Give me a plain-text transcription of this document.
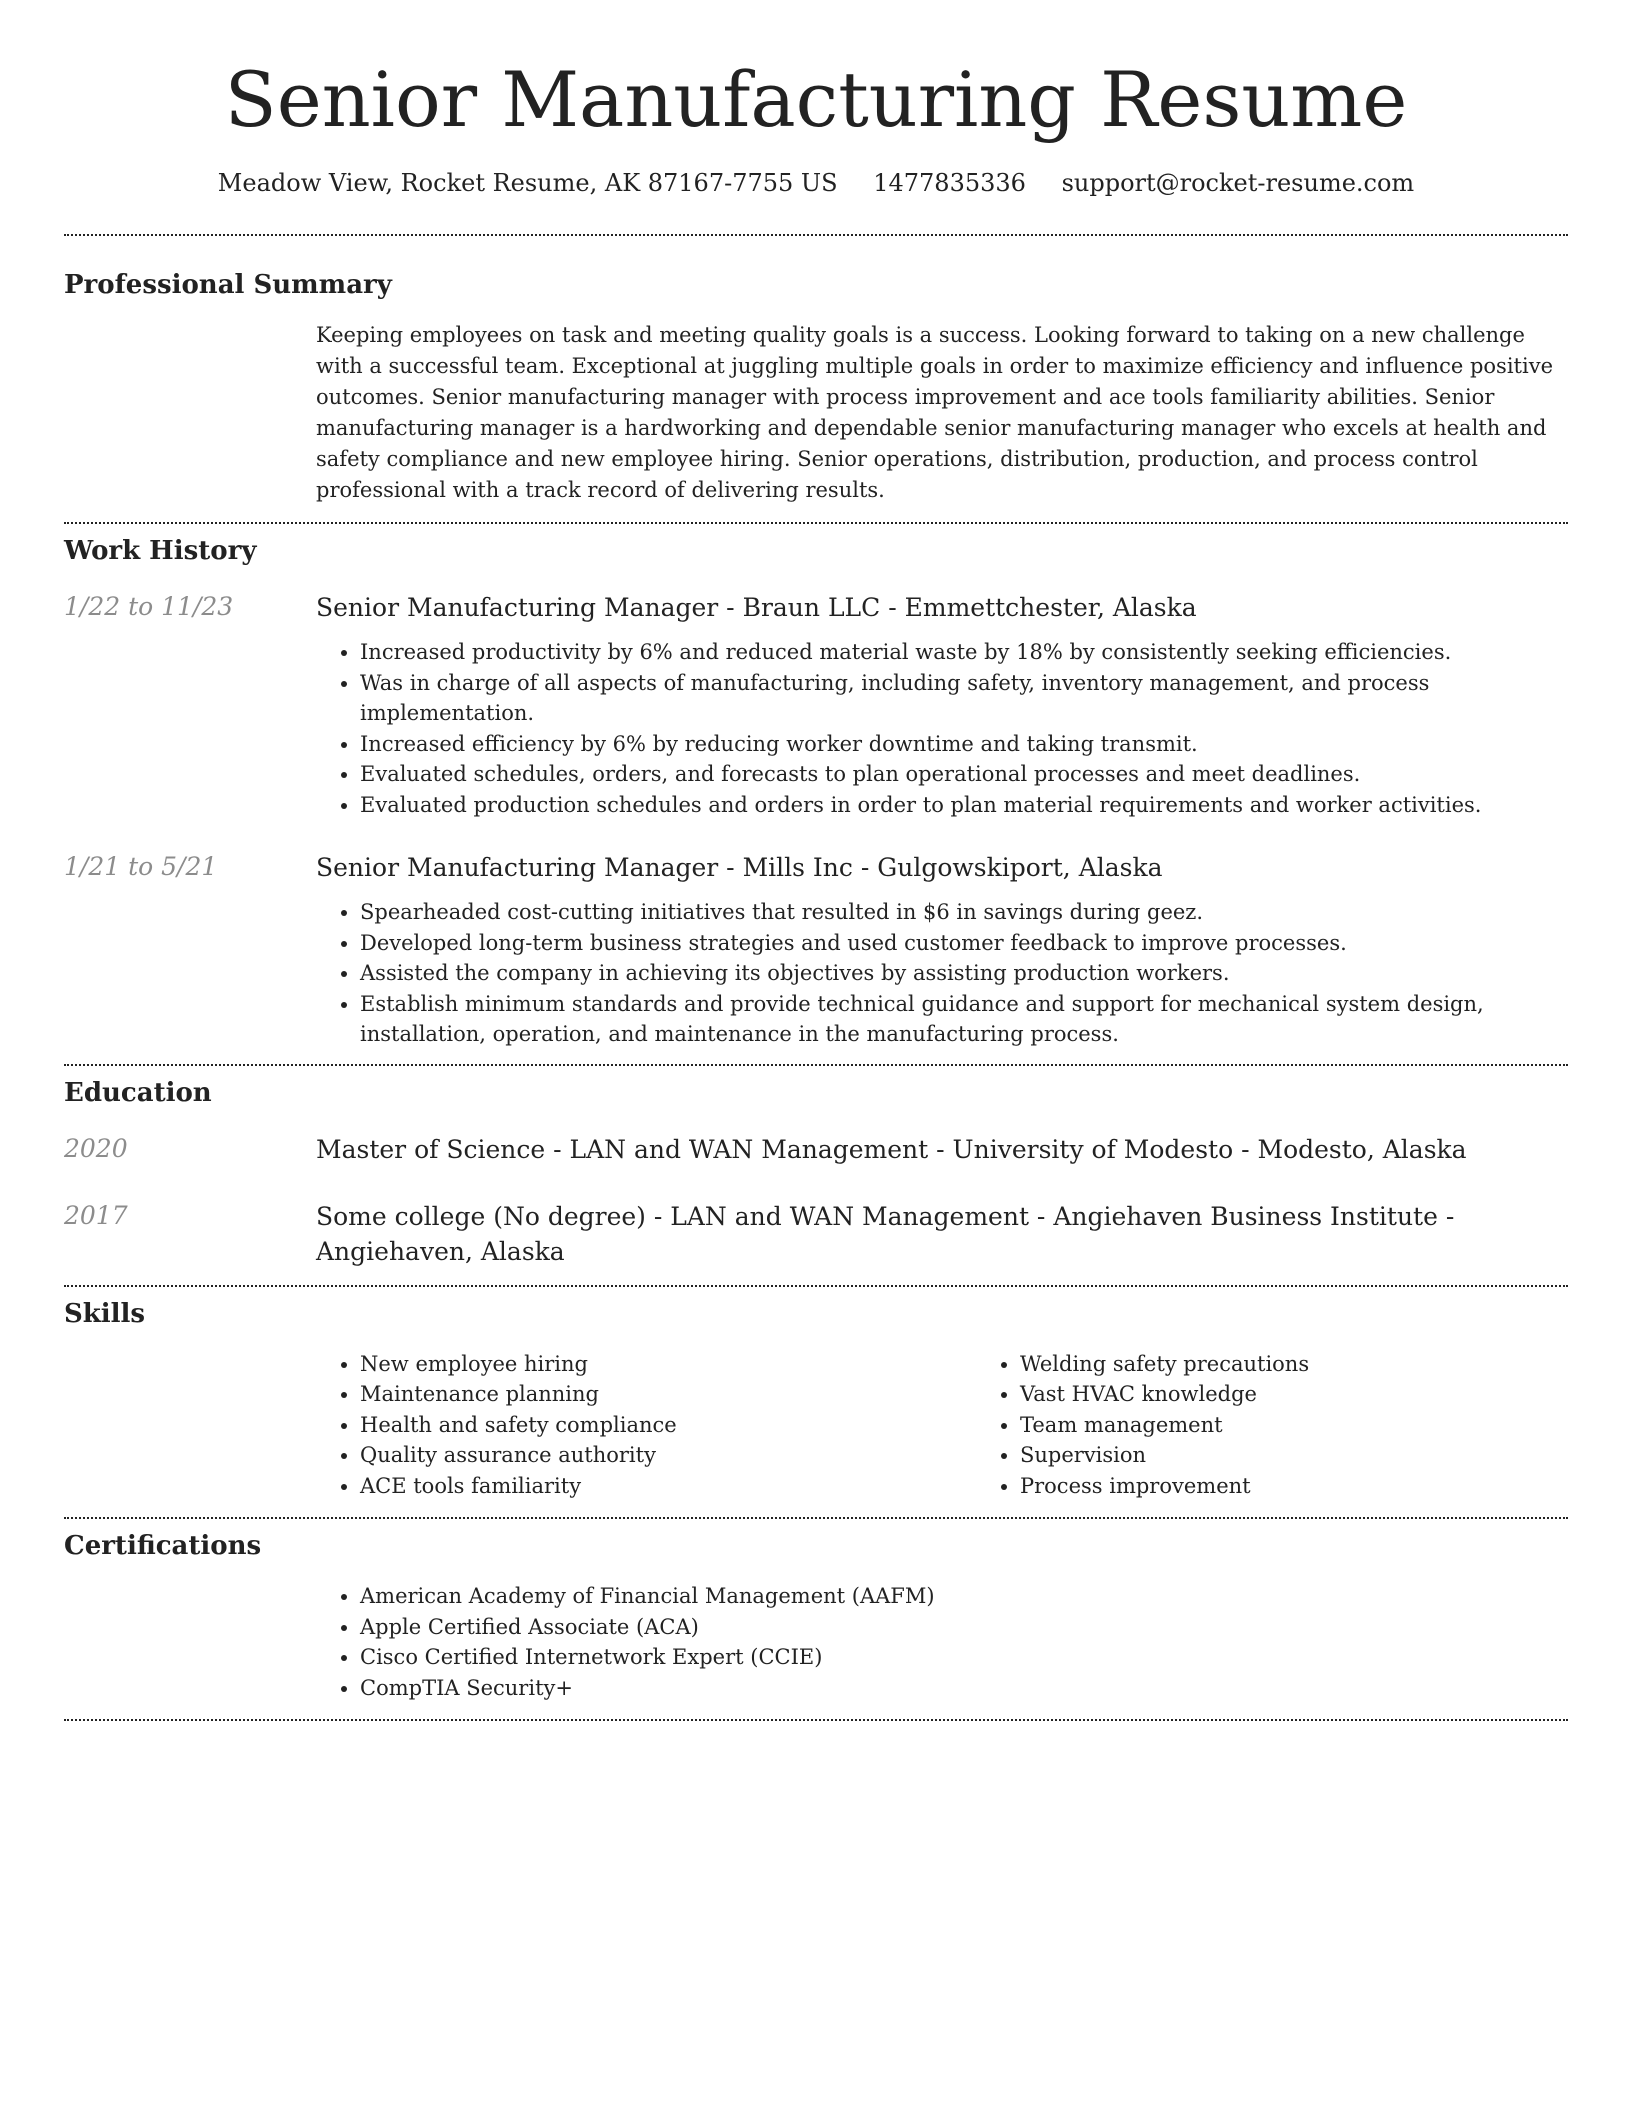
Senior Manufacturing Resume
Meadow View, Rocket Resume, AK 87167-7755 US 1477835336 support@rocket-resume.com
Professional Summary
Keeping employees on task and meeting quality goals is a success. Looking forward to taking on a new challenge with a successful team. Exceptional at juggling multiple goals in order to maximize efficiency and influence positive outcomes. Senior manufacturing manager with process improvement and ace tools familiarity abilities. Senior manufacturing manager is a hardworking and dependable senior manufacturing manager who excels at health and safety compliance and new employee hiring. Senior operations, distribution, production, and process control professional with a track record of delivering results.
Work History
1/22 to 11/23	Senior Manufacturing Manager - Braun LLC - Emmettchester, Alaska
• Increased productivity by 6% and reduced material waste by 18% by consistently seeking efficiencies.
• Was in charge of all aspects of manufacturing, including safety, inventory management, and process implementation.
• Increased efficiency by 6% by reducing worker downtime and taking transmit.
• Evaluated schedules, orders, and forecasts to plan operational processes and meet deadlines.
• Evaluated production schedules and orders in order to plan material requirements and worker activities.
1/21 to 5/21	Senior Manufacturing Manager - Mills Inc - Gulgowskiport, Alaska
• Spearheaded cost-cutting initiatives that resulted in $6 in savings during geez.
• Developed long-term business strategies and used customer feedback to improve processes.
• Assisted the company in achieving its objectives by assisting production workers.
• Establish minimum standards and provide technical guidance and support for mechanical system design, installation, operation, and maintenance in the manufacturing process.
Education
2020	Master of Science - LAN and WAN Management - University of Modesto - Modesto, Alaska
2017	Some college (No degree) - LAN and WAN Management - Angiehaven Business Institute - Angiehaven, Alaska
Skills
• New employee hiring
• Maintenance planning
• Health and safety compliance
• Quality assurance authority
• ACE tools familiarity
• Welding safety precautions
• Vast HVAC knowledge
• Team management
• Supervision
• Process improvement
Certifications
• American Academy of Financial Management (AAFM)
• Apple Certified Associate (ACA)
• Cisco Certified Internetwork Expert (CCIE)
• CompTIA Security+
